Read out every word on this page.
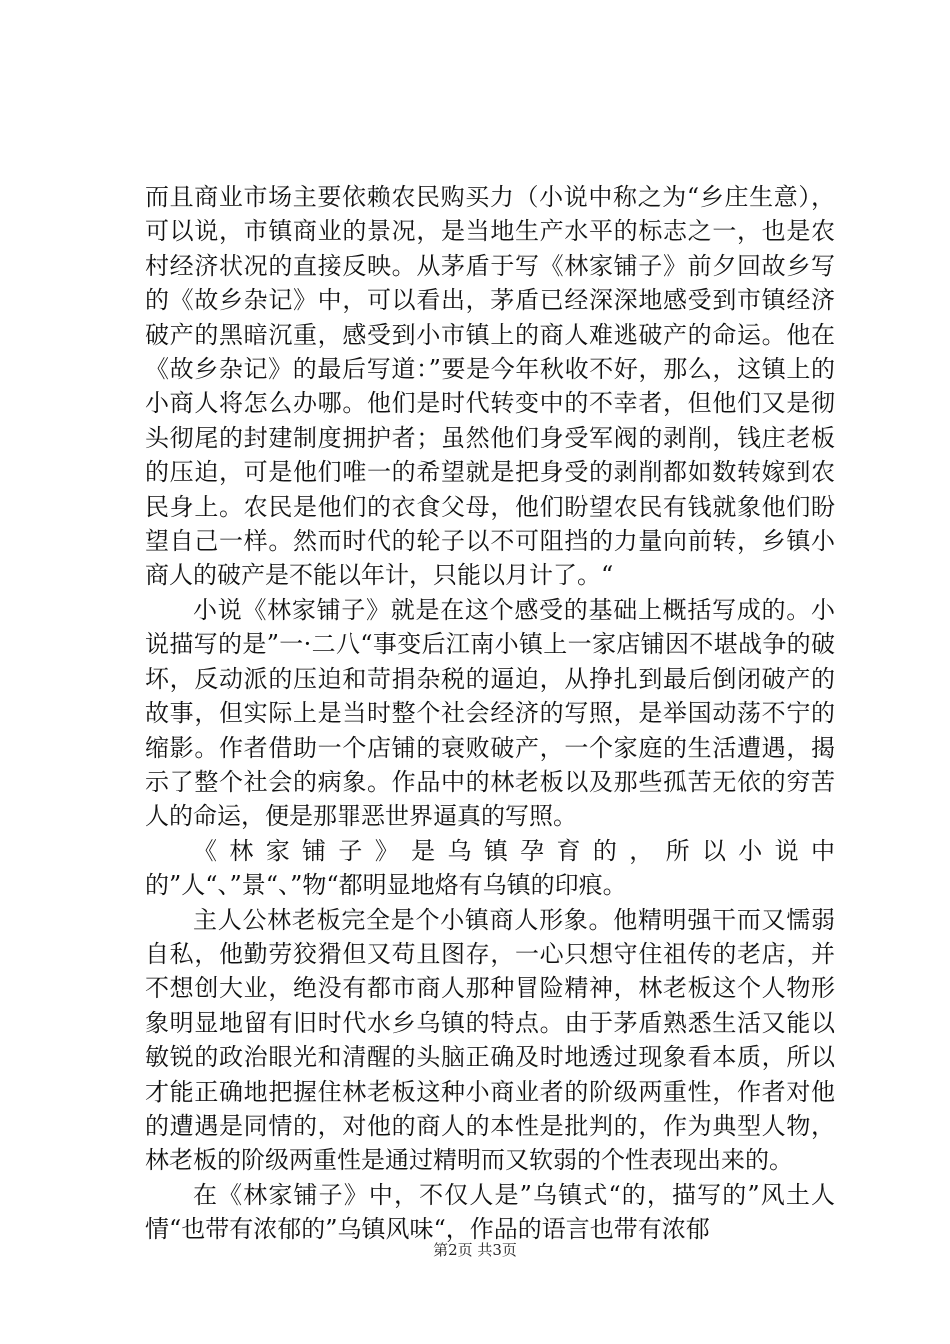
而且商业市场主要依赖农民购买力（小说中称之为“乡庄生意），可以说，市镇商业的景况，是当地生产水平的标志之一，也是农村经济状况的直接反映。从茅盾于写《林家铺子》前夕回故乡写的《故乡杂记》中，可以看出，茅盾已经深深地感受到市镇经济破产的黑暗沉重，感受到小市镇上的商人难逃破产的命运。他在《故乡杂记》的最后写道：”要是今年秋收不好，那么，这镇上的小商人将怎么办哪。他们是时代转变中的不幸者，但他们又是彻头彻尾的封建制度拥护者；虽然他们身受军阀的剥削，钱庄老板的压迫，可是他们唯一的希望就是把身受的剥削都如数转嫁到农民身上。农民是他们的衣食父母，他们盼望农民有钱就象他们盼望自己一样。然而时代的轮子以不可阻挡的力量向前转，乡镇小商人的破产是不能以年计，只能以月计了。“

小说《林家铺子》就是在这个感受的基础上概括写成的。小说描写的是”一·二八“事变后江南小镇上一家店铺因不堪战争的破坏，反动派的压迫和苛捐杂税的逼迫，从挣扎到最后倒闭破产的故事，但实际上是当时整个社会经济的写照，是举国动荡不宁的缩影。作者借助一个店铺的衰败破产，一个家庭的生活遭遇，揭示了整个社会的病象。作品中的林老板以及那些孤苦无依的穷苦人的命运，便是那罪恶世界逼真的写照。

《林家铺子》是乌镇孕育的，所以小说中的”人“、”景“、”物“都明显地烙有乌镇的印痕。

主人公林老板完全是个小镇商人形象。他精明强干而又懦弱自私，他勤劳狡猾但又苟且图存，一心只想守住祖传的老店，并不想创大业，绝没有都市商人那种冒险精神，林老板这个人物形象明显地留有旧时代水乡乌镇的特点。由于茅盾熟悉生活又能以敏锐的政治眼光和清醒的头脑正确及时地透过现象看本质，所以才能正确地把握住林老板这种小商业者的阶级两重性，作者对他的遭遇是同情的，对他的商人的本性是批判的，作为典型人物，林老板的阶级两重性是通过精明而又软弱的个性表现出来的。

在《林家铺子》中，不仅人是”乌镇式“的，描写的”风土人情“也带有浓郁的”乌镇风味“，作品的语言也带有浓郁

第2页 共3页
